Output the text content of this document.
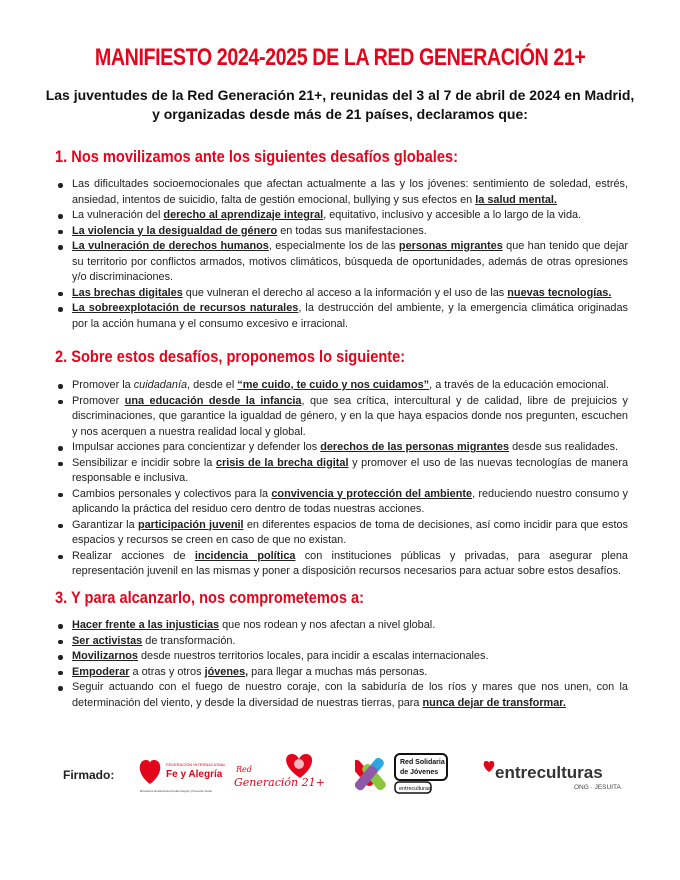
MANIFIESTO 2024-2025 DE LA RED GENERACIÓN 21+
Las juventudes de la Red Generación 21+, reunidas del 3 al 7 de abril de 2024 en Madrid,
y organizadas desde más de 21 países, declaramos que:
1. Nos movilizamos ante los siguientes desafíos globales:
Las dificultades socioemocionales que afectan actualmente a las y los jóvenes: sentimiento de soledad, estrés, ansiedad, intentos de suicidio, falta de gestión emocional, bullying y sus efectos en la salud mental.
La vulneración del derecho al aprendizaje integral, equitativo, inclusivo y accesible a lo largo de la vida.
La violencia y la desigualdad de género en todas sus manifestaciones.
La vulneración de derechos humanos, especialmente los de las personas migrantes que han tenido que dejar su territorio por conflictos armados, motivos climáticos, búsqueda de oportunidades, además de otras opresiones y/o discriminaciones.
Las brechas digitales que vulneran el derecho al acceso a la información y el uso de las nuevas tecnologías.
La sobreexplotación de recursos naturales, la destrucción del ambiente, y la emergencia climática originadas por la acción humana y el consumo excesivo e irracional.
2. Sobre estos desafíos, proponemos lo siguiente:
Promover la cuidadanía, desde el “me cuido, te cuido y nos cuidamos”, a través de la educación emocional.
Promover una educación desde la infancia, que sea crítica, intercultural y de calidad, libre de prejuicios y discriminaciones, que garantice la igualdad de género, y en la que haya espacios donde nos pregunten, escuchen y nos acerquen a nuestra realidad local y global.
Impulsar acciones para concientizar y defender los derechos de las personas migrantes desde sus realidades.
Sensibilizar e incidir sobre la crisis de la brecha digital y promover el uso de las nuevas tecnologías de manera responsable e inclusiva.
Cambios personales y colectivos para la convivencia y protección del ambiente, reduciendo nuestro consumo y aplicando la práctica del residuo cero dentro de todas nuestras acciones.
Garantizar la participación juvenil en diferentes espacios de toma de decisiones, así como incidir para que estos espacios y recursos se creen en caso de que no existan.
Realizar acciones de incidencia política con instituciones públicas y privadas, para asegurar plena representación juvenil en las mismas y poner a disposición recursos necesarios para actuar sobre estos desafíos.
3. Y para alcanzarlo, nos comprometemos a:
Hacer frente a las injusticias que nos rodean y nos afectan a nivel global.
Ser activistas de transformación.
Movilizarnos desde nuestros territorios locales, para incidir a escalas internacionales.
Empoderar a otras y otros jóvenes, para llegar a muchas más personas.
Seguir actuando con el fuego de nuestro coraje, con la sabiduría de los ríos y mares que nos unen, con la determinación del viento, y desde la diversidad de nuestras tierras, para nunca dejar de transformar.
Firmado:
FEDERACIÓN INTERNACIONAL
Fe y Alegría
Movimiento de Educación Popular Integral y Promoción Social
Red
Generación 21+
Red Solidaria
de Jóvenes
entreculturas
entreculturas
ONG · JESUITA
